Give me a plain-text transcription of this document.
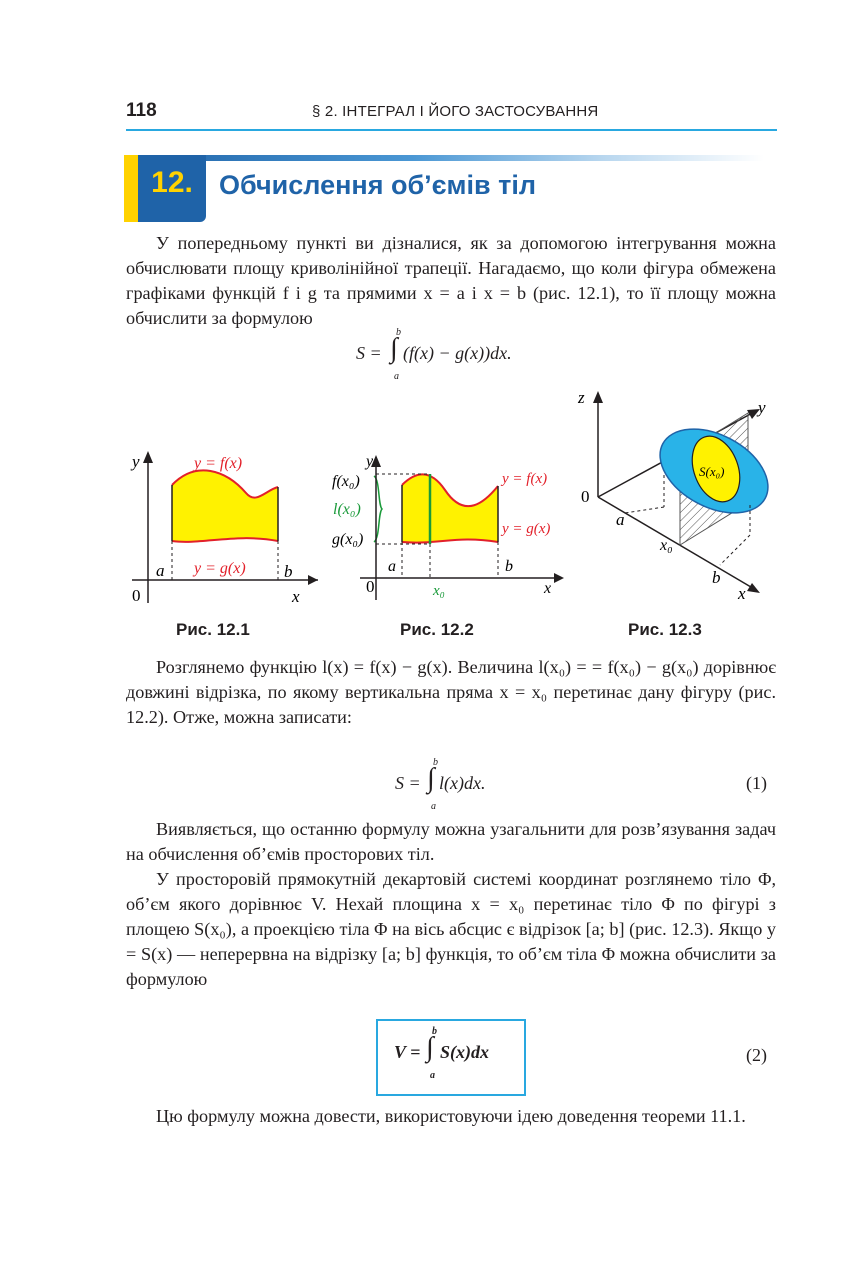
118	§ 2. ІНТЕГРАЛ І ЙОГО ЗАСТОСУВАННЯ
12. Обчислення об’ємів тіл

У попередньому пункті ви дізналися, як за допомогою інтегрування можна обчислювати площу криволінійної трапеції. Нагадаємо, що коли фігура обмежена графіками функцій f і g та прямими x = a і x = b (рис. 12.1), то її площу можна обчислити за формулою

S = ∫
b
a
(f(x) − g(x))dx.
y	y = f(x)
y = g(x)
a	b
0	x
Рис. 12.1
y
f(x₀)
l(x₀)
g(x₀)
y = f(x)
y = g(x)
a	b
0	x₀	x
Рис. 12.2
z
y
0
S(x₀)
a
x₀
b
x
Рис. 12.3

Розглянемо функцію l(x) = f(x) − g(x). Величина l(x₀) = = f(x₀) − g(x₀) дорівнює довжині відрізка, по якому вертикальна пряма x = x₀ перетинає дану фігуру (рис. 12.2). Отже, можна записати:

S = ∫
b
a
l(x)dx.	(1)

Виявляється, що останню формулу можна узагальнити для розв’язування задач на обчислення об’ємів просторових тіл.

У просторовій прямокутній декартовій системі координат розглянемо тіло Φ, об’єм якого дорівнює V. Нехай площина x = x₀ перетинає тіло Φ по фігурі з площею S(x₀), а проекцією тіла Φ на вісь абсцис є відрізок [a; b] (рис. 12.3). Якщо y = S(x) — неперервна на відрізку [a; b] функція, то об’єм тіла Φ можна обчислити за формулою

V = ∫
b
a
S(x)dx	(2)

Цю формулу можна довести, використовуючи ідею доведення теореми 11.1.
